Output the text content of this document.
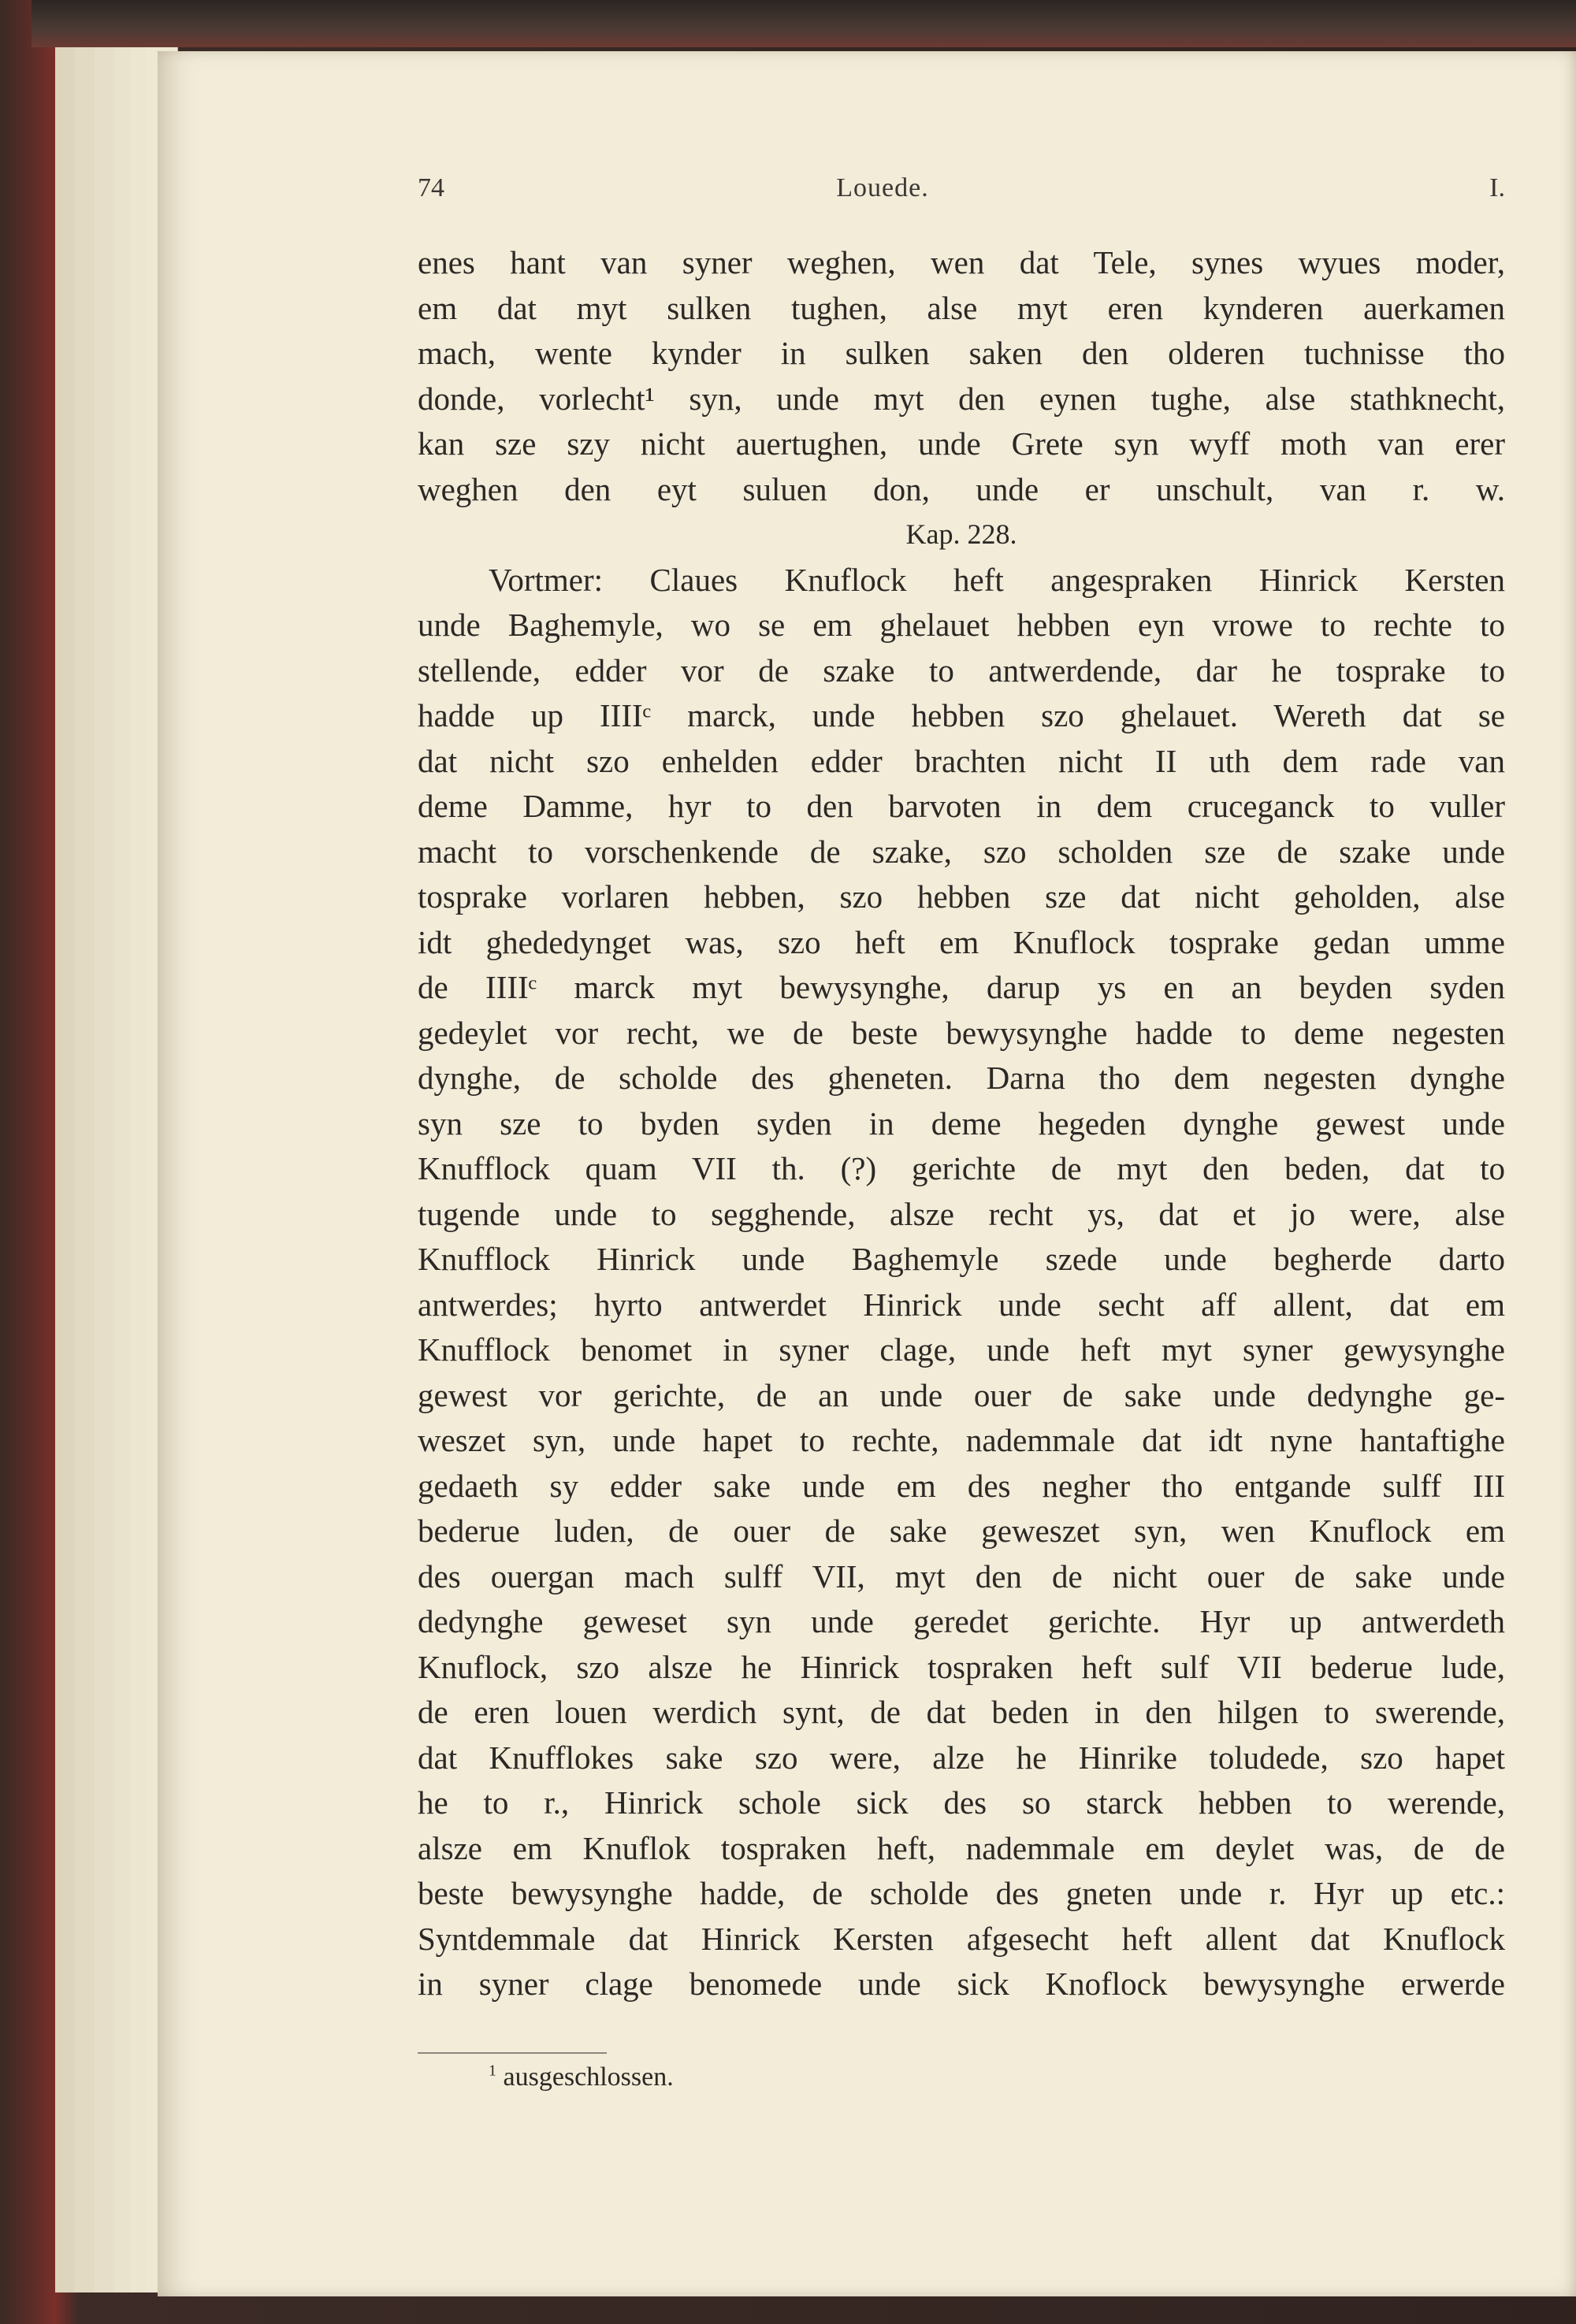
74	Louede.	I.
enes hant van syner weghen, wen dat Tele, synes wyues moder,
em dat myt sulken tughen, alse myt eren kynderen auerkamen
mach, wente kynder in sulken saken den olderen tuchnisse tho
donde, vorlecht¹ syn, unde myt den eynen tughe, alse stathknecht,
kan sze szy nicht auertughen, unde Grete syn wyff moth van erer
weghen den eyt suluen don, unde er unschult, van r. w.
Kap. 228.
Vortmer: Claues Knuflock heft angespraken Hinrick Kersten
unde Baghemyle, wo se em ghelauet hebben eyn vrowe to rechte to
stellende, edder vor de szake to antwerdende, dar he tosprake to
hadde up IIIIᶜ marck, unde hebben szo ghelauet. Wereth dat se
dat nicht szo enhelden edder brachten nicht II uth dem rade van
deme Damme, hyr to den barvoten in dem cruceganck to vuller
macht to vorschenkende de szake, szo scholden sze de szake unde
tosprake vorlaren hebben, szo hebben sze dat nicht geholden, alse
idt ghededynget was, szo heft em Knuflock tosprake gedan umme
de IIIIᶜ marck myt bewysynghe, darup ys en an beyden syden
gedeylet vor recht, we de beste bewysynghe hadde to deme negesten
dynghe, de scholde des gheneten. Darna tho dem negesten dynghe
syn sze to byden syden in deme hegeden dynghe gewest unde
Knufflock quam VII th. (?) gerichte de myt den beden, dat to
tugende unde to segghende, alsze recht ys, dat et jo were, alse
Knufflock Hinrick unde Baghemyle szede unde begherde darto
antwerdes; hyrto antwerdet Hinrick unde secht aff allent, dat em
Knufflock benomet in syner clage, unde heft myt syner gewysynghe
gewest vor gerichte, de an unde ouer de sake unde dedynghe ge-
weszet syn, unde hapet to rechte, nademmale dat idt nyne hantaftighe
gedaeth sy edder sake unde em des negher tho entgande sulff III
bederue luden, de ouer de sake geweszet syn, wen Knuflock em
des ouergan mach sulff VII, myt den de nicht ouer de sake unde
dedynghe geweset syn unde geredet gerichte. Hyr up antwerdeth
Knuflock, szo alsze he Hinrick tospraken heft sulf VII bederue lude,
de eren louen werdich synt, de dat beden in den hilgen to swerende,
dat Knufflokes sake szo were, alze he Hinrike toludede, szo hapet
he to r., Hinrick schole sick des so starck hebben to werende,
alsze em Knuflok tospraken heft, nademmale em deylet was, de de
beste bewysynghe hadde, de scholde des gneten unde r. Hyr up etc.:
Syntdemmale dat Hinrick Kersten afgesecht heft allent dat Knuflock
in syner clage benomede unde sick Knoflock bewysynghe erwerde
$^1$ ausgeschlossen.
